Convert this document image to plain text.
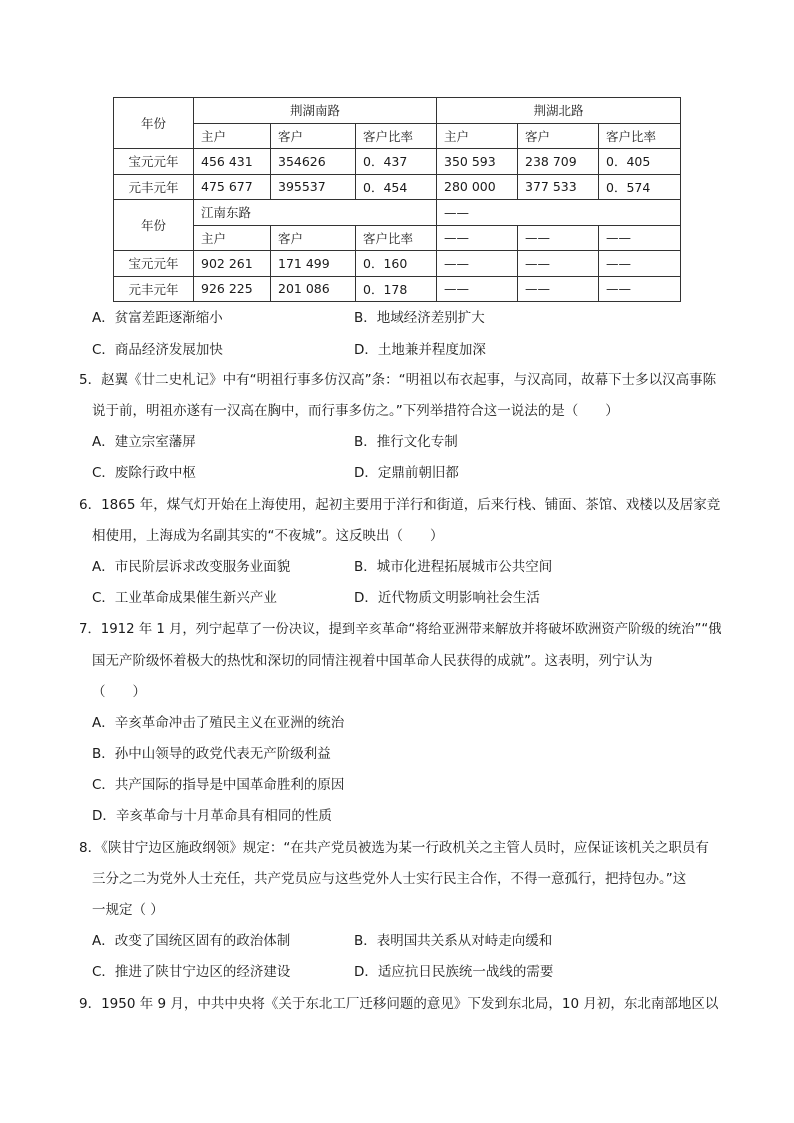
年份	荆湖南路			荆湖北路		
	主户	客户	客户比率	主户	客户	客户比率
宝元元年	456 431	354626	0．437	350 593	238 709	0．405
元丰元年	475 677	395537	0．454	280 000	377 533	0．574
年份	江南东路			——		
	主户	客户	客户比率	——	——	——
宝元元年	902 261	171 499	0．160	——	——	——
元丰元年	926 225	201 086	0．178	——	——	——
A．贫富差距逐渐缩小	B．地域经济差别扩大
C．商品经济发展加快	D．土地兼并程度加深
5．赵翼《廿二史札记》中有“明祖行事多仿汉高”条：“明祖以布衣起事，与汉高同，故幕下士多以汉高事陈
说于前，明祖亦遂有一汉高在胸中，而行事多仿之。”下列举措符合这一说法的是（　　）
A．建立宗室藩屏	B．推行文化专制
C．废除行政中枢	D．定鼎前朝旧都
6．1865 年，煤气灯开始在上海使用，起初主要用于洋行和街道，后来行栈、铺面、茶馆、戏楼以及居家竞
相使用，上海成为名副其实的“不夜城”。这反映出（　　）
A．市民阶层诉求改变服务业面貌	B．城市化进程拓展城市公共空间
C．工业革命成果催生新兴产业	D．近代物质文明影响社会生活
7．1912 年 1 月，列宁起草了一份决议，提到辛亥革命“将给亚洲带来解放并将破坏欧洲资产阶级的统治”“俄
国无产阶级怀着极大的热忱和深切的同情注视着中国革命人民获得的成就”。这表明，列宁认为
（　　）
A．辛亥革命冲击了殖民主义在亚洲的统治
B．孙中山领导的政党代表无产阶级利益
C．共产国际的指导是中国革命胜利的原因
D．辛亥革命与十月革命具有相同的性质
8．《陕甘宁边区施政纲领》规定：“在共产党员被选为某一行政机关之主管人员时，应保证该机关之职员有
三分之二为党外人士充任，共产党员应与这些党外人士实行民主合作，不得一意孤行，把持包办。”这
一规定（ ）
A．改变了国统区固有的政治体制	B．表明国共关系从对峙走向缓和
C．推进了陕甘宁边区的经济建设	D．适应抗日民族统一战线的需要
9．1950 年 9 月，中共中央将《关于东北工厂迁移问题的意见》下发到东北局，10 月初，东北南部地区以
